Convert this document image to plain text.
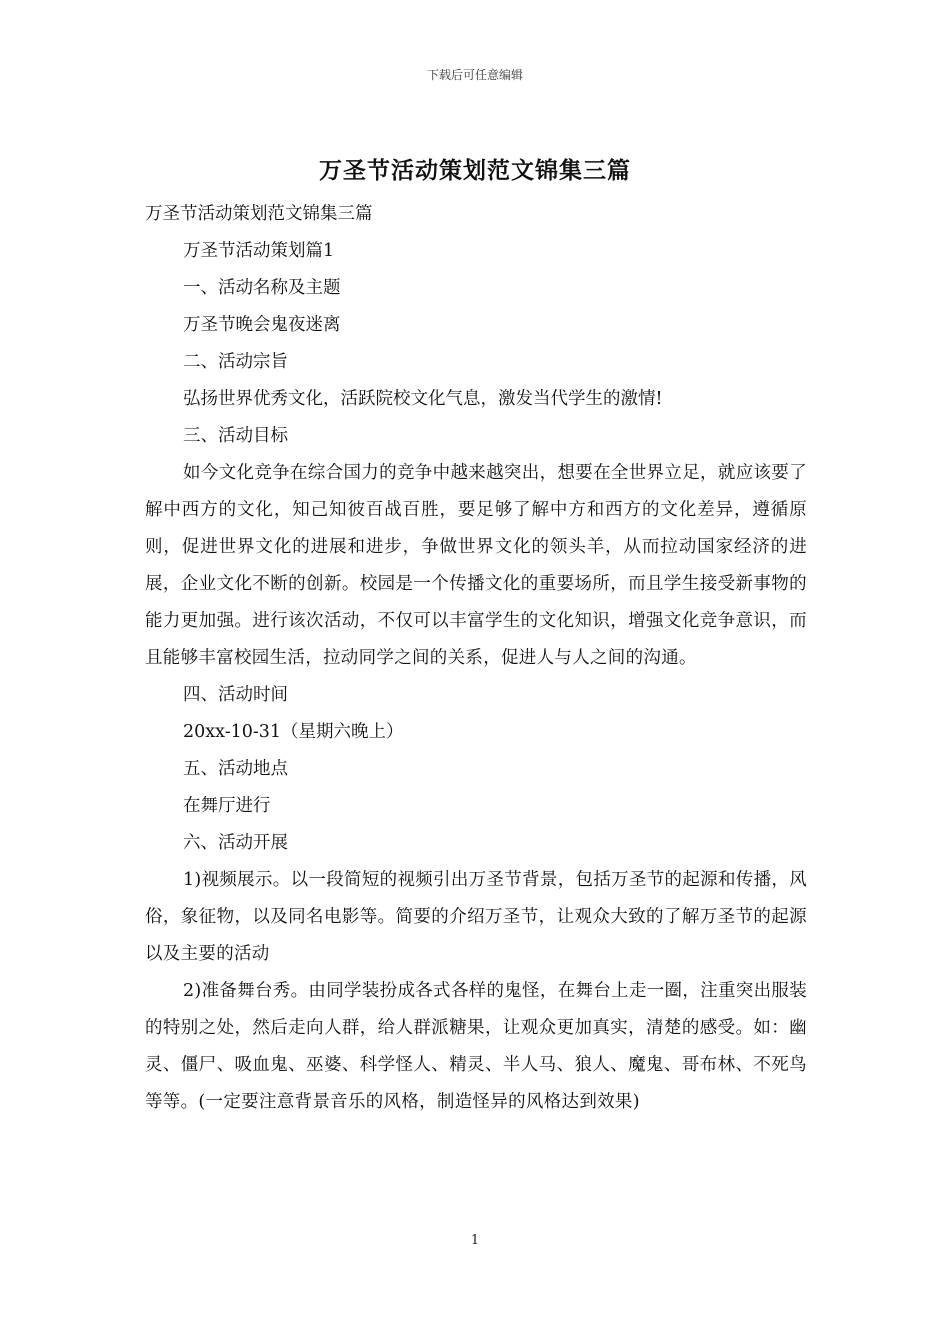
下载后可任意编辑
万圣节活动策划范文锦集三篇

万圣节活动策划范文锦集三篇

万圣节活动策划篇1

一、活动名称及主题

万圣节晚会鬼夜迷离

二、活动宗旨

弘扬世界优秀文化，活跃院校文化气息，激发当代学生的激情!

三、活动目标

如今文化竞争在综合国力的竞争中越来越突出，想要在全世界立足，就应该要了解中西方的文化，知己知彼百战百胜，要足够了解中方和西方的文化差异，遵循原则，促进世界文化的进展和进步，争做世界文化的领头羊，从而拉动国家经济的进展，企业文化不断的创新。校园是一个传播文化的重要场所，而且学生接受新事物的能力更加强。进行该次活动，不仅可以丰富学生的文化知识，增强文化竞争意识，而且能够丰富校园生活，拉动同学之间的关系，促进人与人之间的沟通。

四、活动时间

20xx-10-31（星期六晚上）

五、活动地点

在舞厅进行

六、活动开展

1)视频展示。以一段简短的视频引出万圣节背景，包括万圣节的起源和传播，风俗，象征物，以及同名电影等。简要的介绍万圣节，让观众大致的了解万圣节的起源以及主要的活动

2)准备舞台秀。由同学装扮成各式各样的鬼怪，在舞台上走一圈，注重突出服装的特别之处，然后走向人群，给人群派糖果，让观众更加真实，清楚的感受。如：幽灵、僵尸、吸血鬼、巫婆、科学怪人、精灵、半人马、狼人、魔鬼、哥布林、不死鸟等等。(一定要注意背景音乐的风格，制造怪异的风格达到效果)

1
